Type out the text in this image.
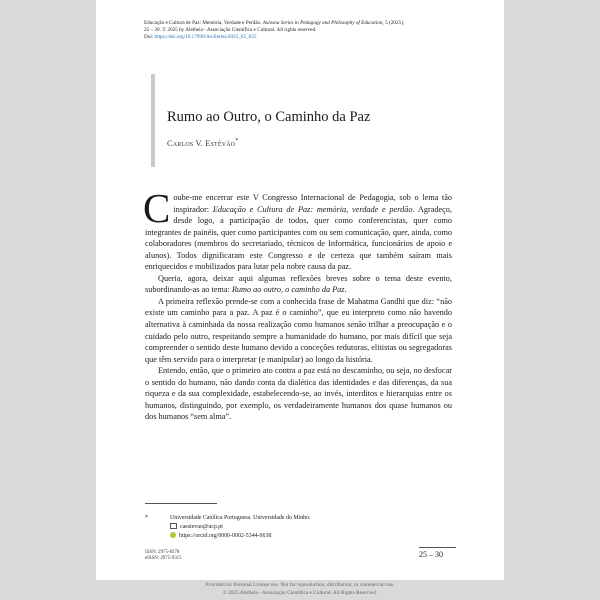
Educação e Cultura de Paz: Memória, Verdade e Perdão. Axiosna Series in Pedagogy and Philosophy of Education, 5 (2025),
25 – 30. © 2025 by Aletheia - Associação Científica e Cultural. All rights reserved.
Doi: https://doi.org/10.17990/AxiSeries/2025_05_025
Rumo ao Outro, o Caminho da Paz
Carlos V. Estêvão*

Coube-me encerrar este V Congresso Internacional de Pedagogia, sob o lema tão inspirador: Educação e Cultura de Paz: memória, verdade e perdão. Agradeço, desde logo, a participação de todos, quer como conferencistas, quer como integrantes de painéis, quer como participantes com ou sem comunicação, quer, ainda, como colaboradores (membros do secretariado, técnicos de Informática, funcionários de apoio e alunos). Todos dignificaram este Congresso e de certeza que também saíram mais enriquecidos e mobilizados para lutar pela nobre causa da paz.

Queria, agora, deixar aqui algumas reflexões breves sobre o tema deste evento, subordinando-as ao tema: Rumo ao outro, o caminho da Paz.

A primeira reflexão prende-se com a conhecida frase de Mahatma Gandhi que diz: “não existe um caminho para a paz. A paz é o caminho”, que eu interpreto como não havendo alternativa à caminhada da nossa realização como humanos senão trilhar a preocupação e o cuidado pelo outro, respeitando sempre a humanidade do humano, por mais difícil que seja compreender o sentido deste humano devido a conceções redutoras, elitistas ou segregadoras que têm servido para o interpretar (e manipular) ao longo da história.

Entendo, então, que o primeiro ato contra a paz está no descaminho, ou seja, no desfocar o sentido do humano, não dando conta da dialética das identidades e das diferenças, da sua riqueza e da sua complexidade, estabelecendo-se, ao invés, interditos e hierarquias entre os humanos, distinguindo, por exemplo, os verdadeiramente humanos dos quase humanos ou dos humanos “sem alma”.

*	Universidade Católica Portuguesa. Universidade do Minho.
caestevao@ucp.pt
https://orcid.org/0000-0002-5344-0638
ISSN: 2975-8378
eISSN: 2975-9315	25 – 30
Provided for Personal License use. Not for reproduction, distribution, or commercial use.
© 2025 Aletheia - Associação Científica e Cultural. All Rights Reserved.
